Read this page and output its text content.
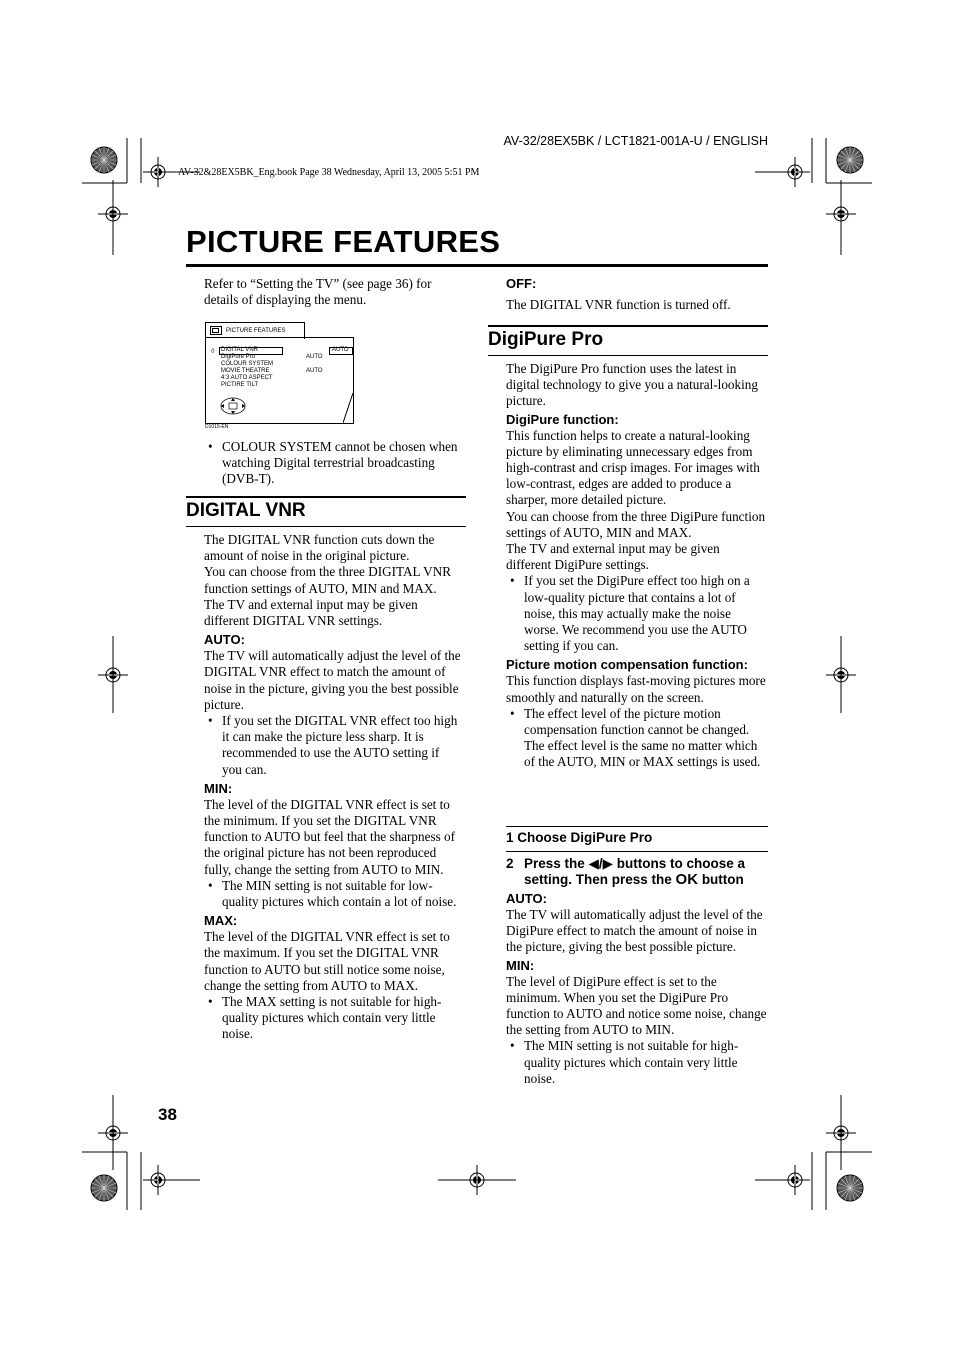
AV-32/28EX5BK / LCT1821-001A-U / ENGLISH
AV-32&28EX5BK_Eng.book Page 38 Wednesday, April 13, 2005 5:51 PM
PICTURE FEATURES

Refer to “Setting the TV” (see page 36) for details of displaying the menu.

PICTURE FEATURES
◊ DIGITAL VNR
DigiPure Pro
COLOUR SYSTEM
MOVIE THEATRE
4:3 AUTO ASPECT
PICTIRE TILT
AUTO
AUTO
AUTO
D1015-EN
• COLOUR SYSTEM cannot be chosen when watching Digital terrestrial broadcasting (DVB-T).
DIGITAL VNR

The DIGITAL VNR function cuts down the amount of noise in the original picture.

You can choose from the three DIGITAL VNR function settings of AUTO, MIN and MAX.

The TV and external input may be given different DIGITAL VNR settings.

AUTO:

The TV will automatically adjust the level of the DIGITAL VNR effect to match the amount of noise in the picture, giving you the best possible picture.

• If you set the DIGITAL VNR effect too high it can make the picture less sharp. It is recommended to use the AUTO setting if you can.

MIN:

The level of the DIGITAL VNR effect is set to the minimum. If you set the DIGITAL VNR function to AUTO but feel that the sharpness of the original picture has not been reproduced fully, change the setting from AUTO to MIN.

• The MIN setting is not suitable for low-quality pictures which contain a lot of noise.

MAX:

The level of the DIGITAL VNR effect is set to the maximum. If you set the DIGITAL VNR function to AUTO but still notice some noise, change the setting from AUTO to MAX.

• The MAX setting is not suitable for high-quality pictures which contain very little noise.

OFF:

The DIGITAL VNR function is turned off.

DigiPure Pro

The DigiPure Pro function uses the latest in digital technology to give you a natural-looking picture.

DigiPure function:

This function helps to create a natural-looking picture by eliminating unnecessary edges from high-contrast and crisp images. For images with low-contrast, edges are added to produce a sharper, more detailed picture.

You can choose from the three DigiPure function settings of AUTO, MIN and MAX.

The TV and external input may be given different DigiPure settings.

• If you set the DigiPure effect too high on a low-quality picture that contains a lot of noise, this may actually make the noise worse. We recommend you use the AUTO setting if you can.

Picture motion compensation function:

This function displays fast-moving pictures more smoothly and naturally on the screen.

• The effect level of the picture motion compensation function cannot be changed. The effect level is the same no matter which of the AUTO, MIN or MAX settings is used.
1 Choose DigiPure Pro
2 Press the ◀/▶ buttons to choose a
setting. Then press the OK button

AUTO:

The TV will automatically adjust the level of the DigiPure effect to match the amount of noise in the picture, giving the best possible picture.

MIN:

The level of DigiPure effect is set to the minimum. When you set the DigiPure Pro function to AUTO and notice some noise, change the setting from AUTO to MIN.

• The MIN setting is not suitable for high-quality pictures which contain very little noise.
38
